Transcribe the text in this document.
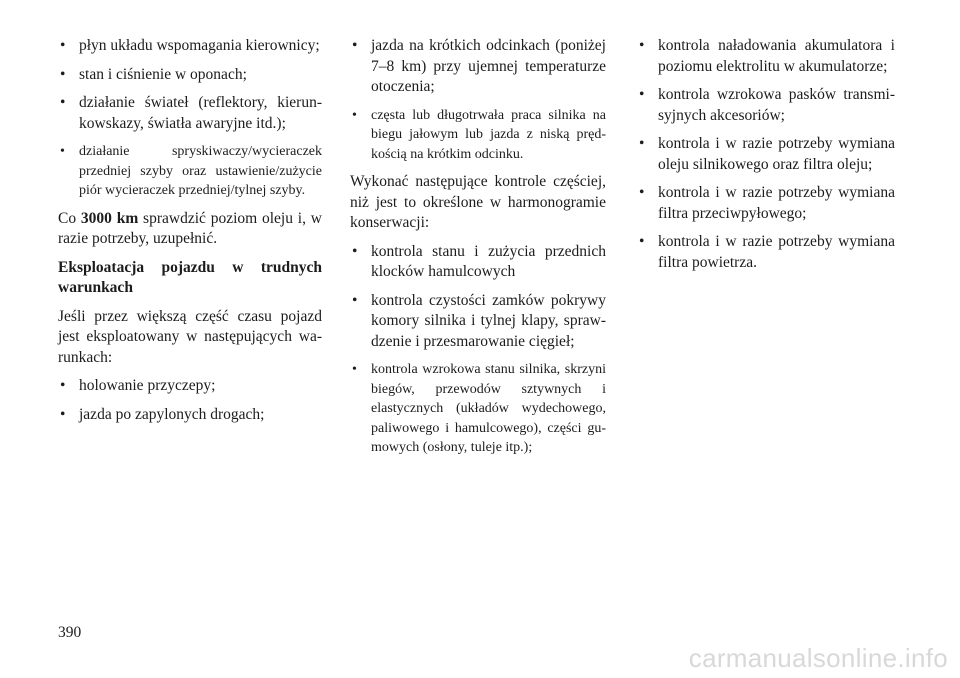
• płyn układu wspomagania kierownicy;
• stan i ciśnienie w oponach;
• działanie świateł (reflektory, kierunkowskazy, światła awaryjne itd.);
• działanie spryskiwaczy/wycieraczek przedniej szyby oraz ustawienie/zużycie piór wycieraczek przedniej/tylnej szyby.

Co 3000 km sprawdzić poziom oleju i, w razie potrzeby, uzupełnić.

Eksploatacja pojazdu w trudnych warunkach

Jeśli przez większą część czasu pojazd jest eksploatowany w następujących warunkach:

• holowanie przyczepy;
• jazda po zapylonych drogach;
• jazda na krótkich odcinkach (poniżej 7–8 km) przy ujemnej temperaturze otoczenia;
• częsta lub długotrwała praca silnika na biegu jałowym lub jazda z niską prędkością na krótkim odcinku.

Wykonać następujące kontrole częściej, niż jest to określone w harmonogramie konserwacji:

• kontrola stanu i zużycia przednich klocków hamulcowych
• kontrola czystości zamków pokrywy komory silnika i tylnej klapy, sprawdzenie i przesmarowanie cięgieł;
• kontrola wzrokowa stanu silnika, skrzyni biegów, przewodów sztywnych i elastycznych (układów wydechowego, paliwowego i hamulcowego), części gumowych (osłony, tuleje itp.);
• kontrola naładowania akumulatora i poziomu elektrolitu w akumulatorze;
• kontrola wzrokowa pasków transmisyjnych akcesoriów;
• kontrola i w razie potrzeby wymiana oleju silnikowego oraz filtra oleju;
• kontrola i w razie potrzeby wymiana filtra przeciwpyłowego;
• kontrola i w razie potrzeby wymiana filtra powietrza.
390
carmanualsonline.info
